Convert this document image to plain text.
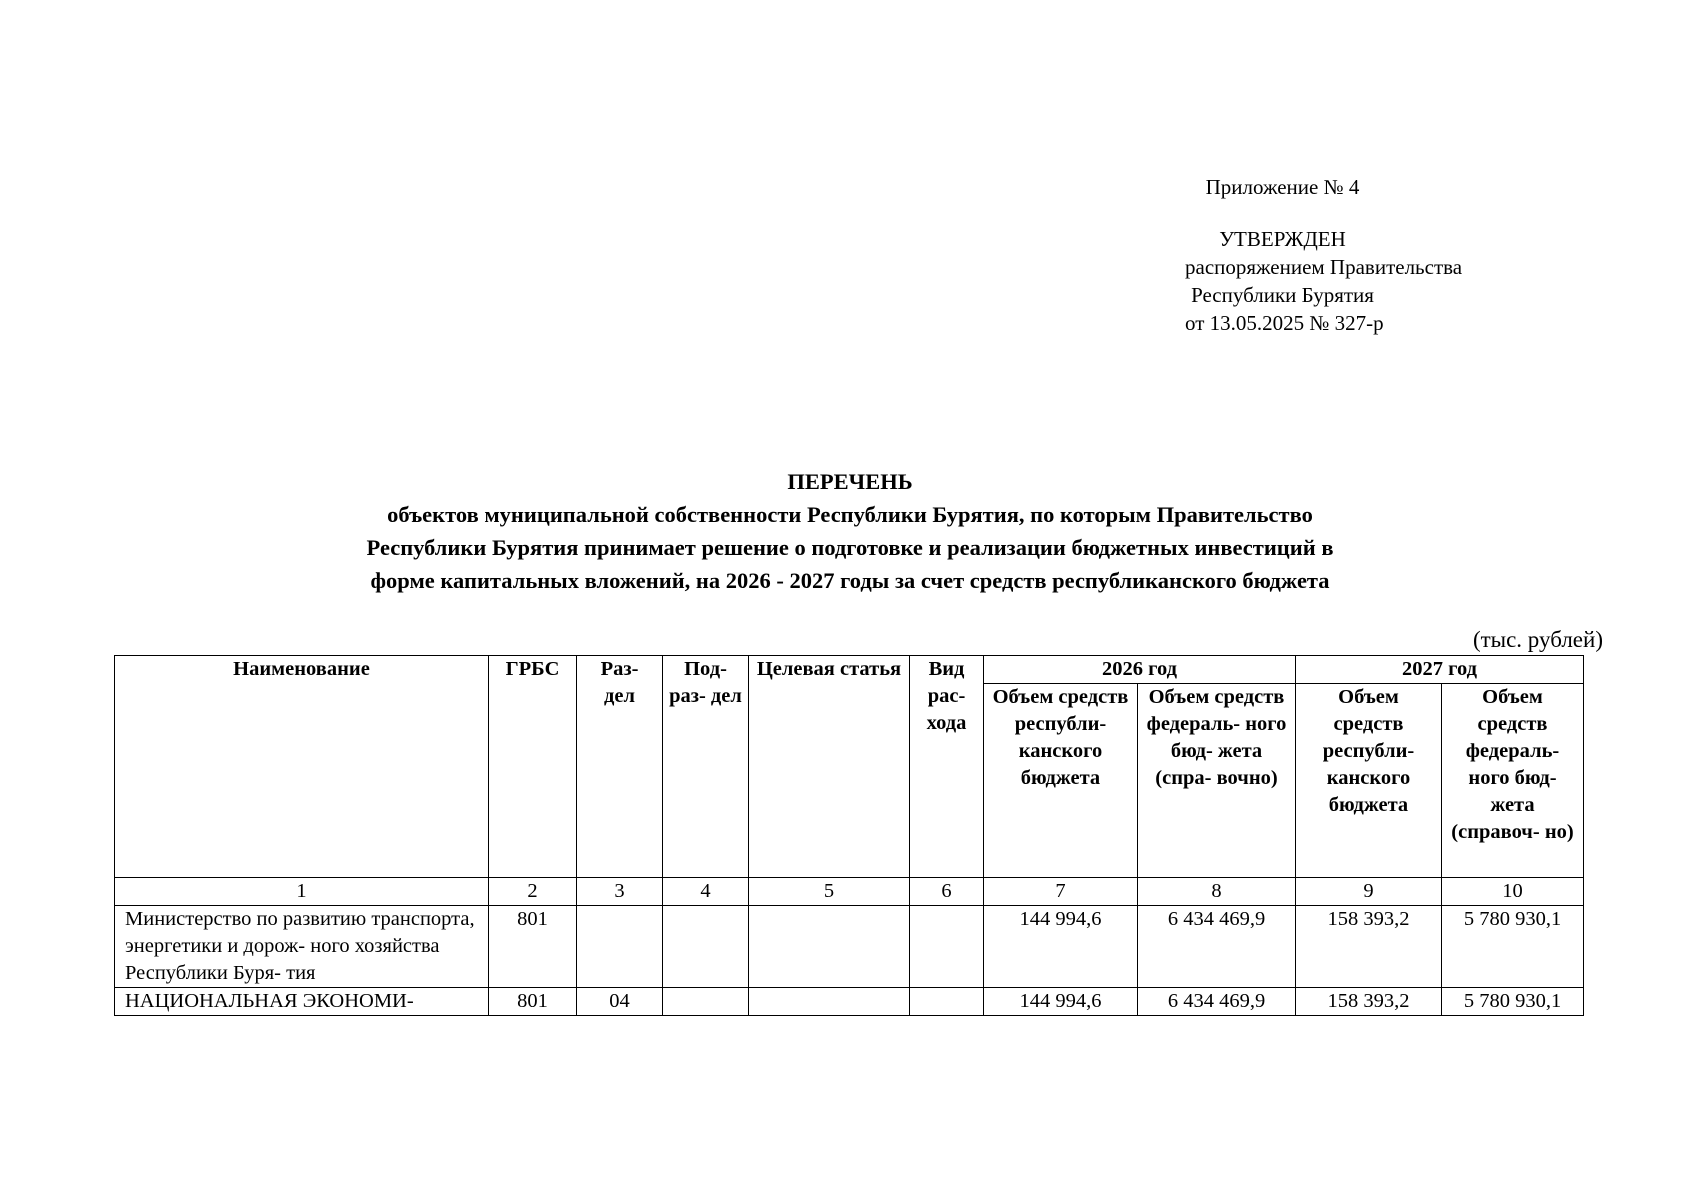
Приложение № 4
УТВЕРЖДЕН
распоряжением Правительства
Республики Бурятия
от 13.05.2025 № 327-р
ПЕРЕЧЕНЬ
объектов муниципальной собственности Республики Бурятия, по которым Правительство
Республики Бурятия принимает решение о подготовке и реализации бюджетных инвестиций в
форме капитальных вложений, на 2026 - 2027 годы за счет средств республиканского бюджета
(тыс. рублей)
Наименование	ГРБС	Раз- дел	Под- раз- дел	Целевая статья	Вид рас- хода	2026 год		2027 год	
						Объем средств республи- канского бюджета	Объем средств федераль- ного бюд- жета (спра- вочно)	Объем средств республи- канского бюджета	Объем средств федераль- ного бюд- жета (справоч- но)
1	2	3	4	5	6	7	8	9	10
Министерство по развитию транспорта, энергетики и дорож- ного хозяйства Республики Буря- тия	801					144 994,6	6 434 469,9	158 393,2	5 780 930,1
НАЦИОНАЛЬНАЯ ЭКОНОМИ-	801	04				144 994,6	6 434 469,9	158 393,2	5 780 930,1
